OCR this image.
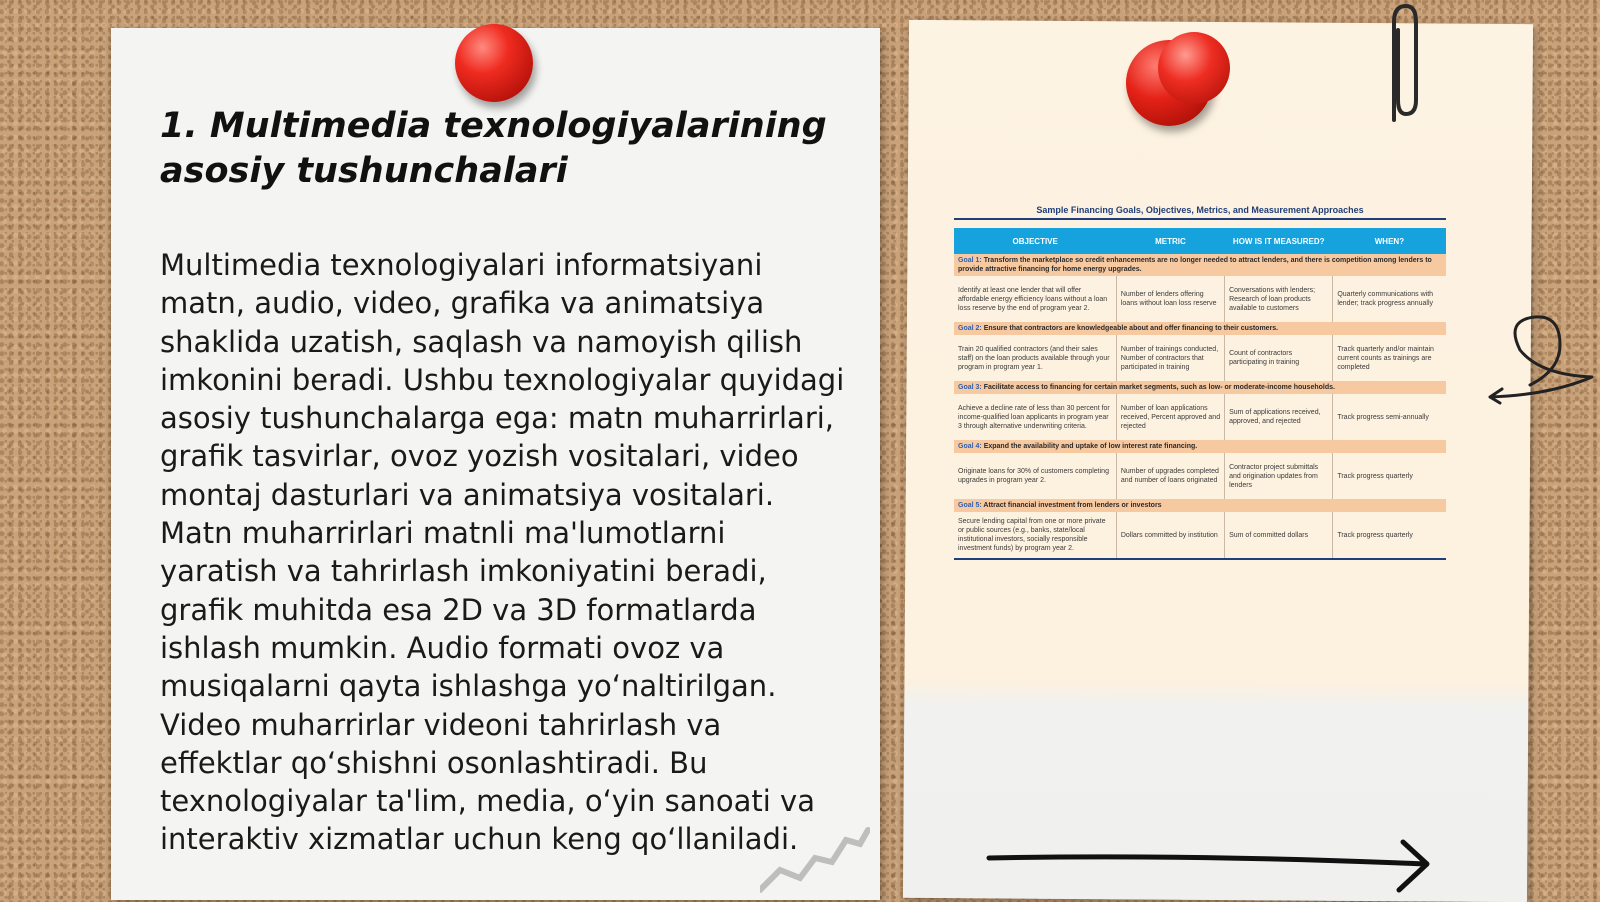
1. Multimedia texnologiyalarining asosiy tushunchalari

Multimedia texnologiyalari informatsiyani matn, audio, video, grafika va animatsiya shaklida uzatish, saqlash va namoyish qilish imkonini beradi. Ushbu texnologiyalar quyidagi asosiy tushunchalarga ega: matn muharrirlari, grafik tasvirlar, ovoz yozish vositalari, video montaj dasturlari va animatsiya vositalari. Matn muharrirlari matnli ma'lumotlarni yaratish va tahrirlash imkoniyatini beradi, grafik muhitda esa 2D va 3D formatlarda ishlash mumkin. Audio formati ovoz va musiqalarni qayta ishlashga yo‘naltirilgan. Video muharrirlar videoni tahrirlash va effektlar qo‘shishni osonlashtiradi. Bu texnologiyalar ta'lim, media, o‘yin sanoati va interaktiv xizmatlar uchun keng qo‘llaniladi.

Sample Financing Goals, Objectives, Metrics, and Measurement Approaches
OBJECTIVE	METRIC	HOW IS IT MEASURED?	WHEN?
Goal 1: Transform the marketplace so credit enhancements are no longer needed to attract lenders, and there is competition among lenders to provide attractive financing for home energy upgrades.			
Identify at least one lender that will offer affordable energy efficiency loans without a loan loss reserve by the end of program year 2.	Number of lenders offering loans without loan loss reserve	Conversations with lenders; Research of loan products available to customers	Quarterly communications with lender; track progress annually
Goal 2: Ensure that contractors are knowledgeable about and offer financing to their customers.			
Train 20 qualified contractors (and their sales staff) on the loan products available through your program in program year 1.	Number of trainings conducted, Number of contractors that participated in training	Count of contractors participating in training	Track quarterly and/or maintain current counts as trainings are completed
Goal 3: Facilitate access to financing for certain market segments, such as low- or moderate-income households.			
Achieve a decline rate of less than 30 percent for income-qualified loan applicants in program year 3 through alternative underwriting criteria.	Number of loan applications received, Percent approved and rejected	Sum of applications received, approved, and rejected	Track progress semi-annually
Goal 4: Expand the availability and uptake of low interest rate financing.			
Originate loans for 30% of customers completing upgrades in program year 2.	Number of upgrades completed and number of loans originated	Contractor project submittals and origination updates from lenders	Track progress quarterly
Goal 5: Attract financial investment from lenders or investors			
Secure lending capital from one or more private or public sources (e.g., banks, state/local institutional investors, socially responsible investment funds) by program year 2.	Dollars committed by institution	Sum of committed dollars	Track progress quarterly
